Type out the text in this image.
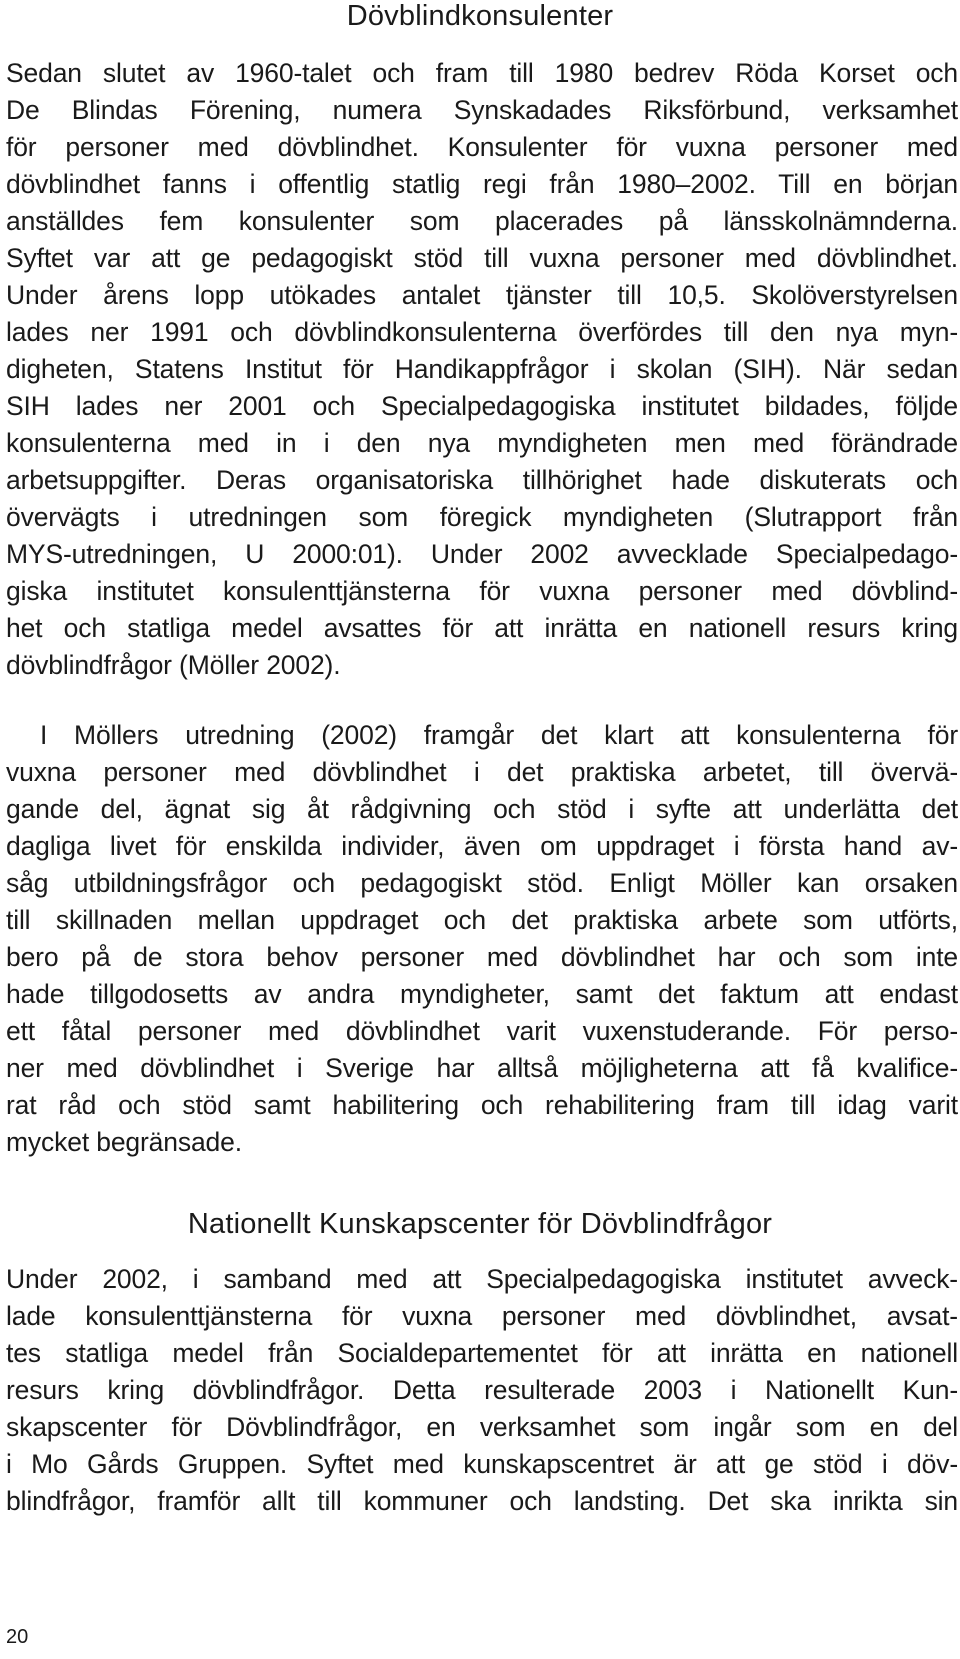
Dövblindkonsulenter

Sedan slutet av 1960-talet och fram till 1980 bedrev Röda Korset och
De Blindas Förening, numera Synskadades Riksförbund, verksamhet
för personer med dövblindhet. Konsulenter för vuxna personer med
dövblindhet fanns i offentlig statlig regi från 1980–2002. Till en början
anställdes fem konsulenter som placerades på länsskolnämnderna.
Syftet var att ge pedagogiskt stöd till vuxna personer med dövblindhet.
Under årens lopp utökades antalet tjänster till 10,5. Skolöverstyrelsen
lades ner 1991 och dövblindkonsulenterna överfördes till den nya myn-
digheten, Statens Institut för Handikappfrågor i skolan (SIH). När sedan
SIH lades ner 2001 och Specialpedagogiska institutet bildades, följde
konsulenterna med in i den nya myndigheten men med förändrade
arbetsuppgifter. Deras organisatoriska tillhörighet hade diskuterats och
övervägts i utredningen som föregick myndigheten (Slutrapport från
MYS-utredningen, U 2000:01). Under 2002 avvecklade Specialpedago-
giska institutet konsulenttjänsterna för vuxna personer med dövblind-
het och statliga medel avsattes för att inrätta en nationell resurs kring
dövblindfrågor (Möller 2002).

I Möllers utredning (2002) framgår det klart att konsulenterna för
vuxna personer med dövblindhet i det praktiska arbetet, till övervä-
gande del, ägnat sig åt rådgivning och stöd i syfte att underlätta det
dagliga livet för enskilda individer, även om uppdraget i första hand av-
såg utbildningsfrågor och pedagogiskt stöd. Enligt Möller kan orsaken
till skillnaden mellan uppdraget och det praktiska arbete som utförts,
bero på de stora behov personer med dövblindhet har och som inte
hade tillgodosetts av andra myndigheter, samt det faktum att endast
ett fåtal personer med dövblindhet varit vuxenstuderande. För perso-
ner med dövblindhet i Sverige har alltså möjligheterna att få kvalifice-
rat råd och stöd samt habilitering och rehabilitering fram till idag varit
mycket begränsade.

Nationellt Kunskapscenter för Dövblindfrågor

Under 2002, i samband med att Specialpedagogiska institutet avveck-
lade konsulenttjänsterna för vuxna personer med dövblindhet, avsat-
tes statliga medel från Socialdepartementet för att inrätta en nationell
resurs kring dövblindfrågor. Detta resulterade 2003 i Nationellt Kun-
skapscenter för Dövblindfrågor, en verksamhet som ingår som en del
i Mo Gårds Gruppen. Syftet med kunskapscentret är att ge stöd i döv-
blindfrågor, framför allt till kommuner och landsting. Det ska inrikta sin

20
